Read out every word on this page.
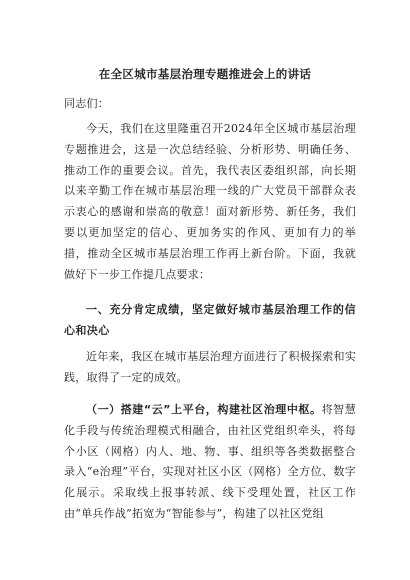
在全区城市基层治理专题推进会上的讲话
同志们：
今天，我们在这里隆重召开2024年全区城市基层治理专题推进会，这是一次总结经验、分析形势、明确任务、推动工作的重要会议。首先，我代表区委组织部，向长期以来辛勤工作在城市基层治理一线的广大党员干部群众表示衷心的感谢和崇高的敬意！面对新形势、新任务，我们要以更加坚定的信心、更加务实的作风、更加有力的举措，推动全区城市基层治理工作再上新台阶。下面，我就做好下一步工作提几点要求：
一、充分肯定成绩，坚定做好城市基层治理工作的信心和决心
近年来，我区在城市基层治理方面进行了积极探索和实践，取得了一定的成效。
（一）搭建“云”上平台，构建社区治理中枢。将智慧化手段与传统治理模式相融合，由社区党组织牵头，将每个小区（网格）内人、地、物、事、组织等各类数据整合录入“e治理”平台，实现对社区小区（网格）全方位、数字化展示。采取线上报事转派、线下受理处置，社区工作由“单兵作战”拓宽为“智能参与”，构建了以社区党组
